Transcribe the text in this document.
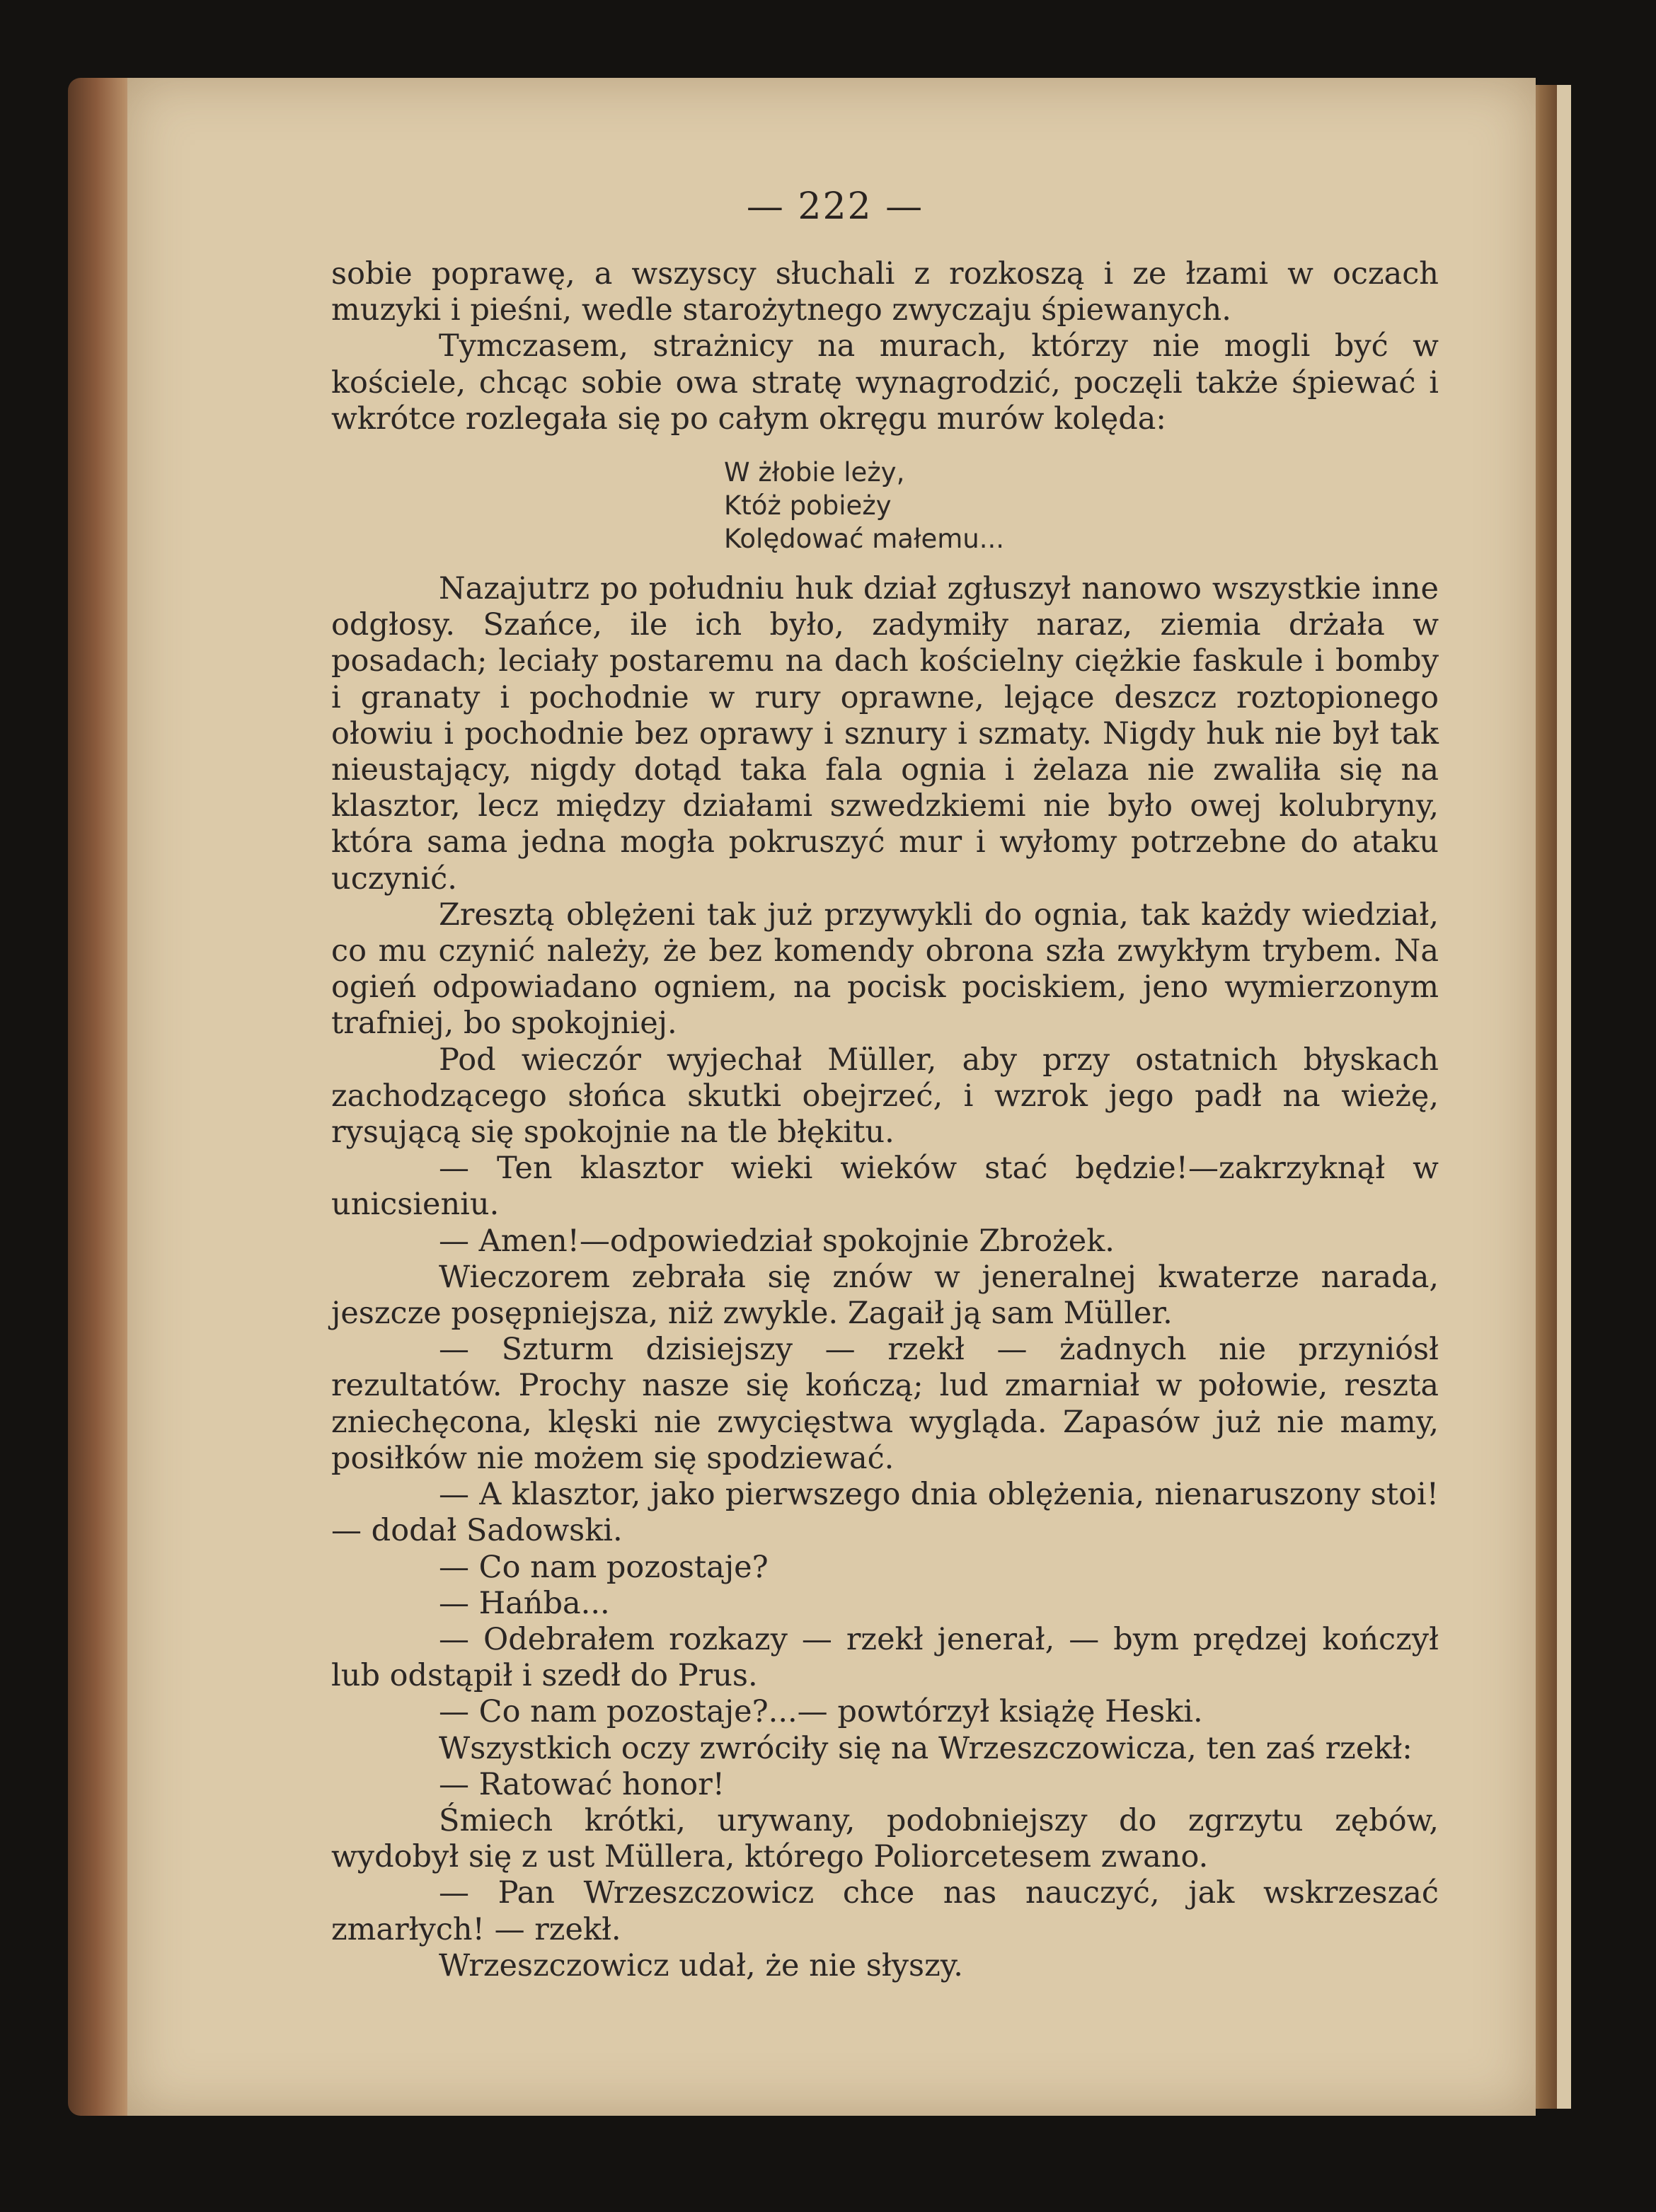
— 222 —

sobie poprawę, a wszyscy słuchali z rozkoszą i ze łzami w oczach muzyki i pieśni, wedle starożytnego zwyczaju śpiewanych.

Tymczasem, strażnicy na murach, którzy nie mogli być w kościele, chcąc sobie owa stratę wynagrodzić, poczęli także śpiewać i wkrótce rozlegała się po całym okręgu murów kolęda:

W żłobie leży,
Któż pobieży
Kolędować małemu...

Nazajutrz po południu huk dział zgłuszył nanowo wszystkie inne odgłosy. Szańce, ile ich było, zadymiły naraz, ziemia drżała w posadach; leciały postaremu na dach kościelny ciężkie faskule i bomby i granaty i pochodnie w rury oprawne, lejące deszcz roztopionego ołowiu i pochodnie bez oprawy i sznury i szmaty. Nigdy huk nie był tak nieustający, nigdy dotąd taka fala ognia i żelaza nie zwaliła się na klasztor, lecz między działami szwedzkiemi nie było owej kolubryny, która sama jedna mogła pokruszyć mur i wyłomy potrzebne do ataku uczynić.

Zresztą oblężeni tak już przywykli do ognia, tak każdy wiedział, co mu czynić należy, że bez komendy obrona szła zwykłym trybem. Na ogień odpowiadano ogniem, na pocisk pociskiem, jeno wymierzonym trafniej, bo spokojniej.

Pod wieczór wyjechał Müller, aby przy ostatnich błyskach zachodzącego słońca skutki obejrzeć, i wzrok jego padł na wieżę, rysującą się spokojnie na tle błękitu.

— Ten klasztor wieki wieków stać będzie!—zakrzyknął w unicsieniu.

— Amen!—odpowiedział spokojnie Zbrożek.

Wieczorem zebrała się znów w jeneralnej kwaterze narada, jeszcze posępniejsza, niż zwykle. Zagaił ją sam Müller.

— Szturm dzisiejszy — rzekł — żadnych nie przyniósł rezultatów. Prochy nasze się kończą; lud zmarniał w połowie, reszta zniechęcona, klęski nie zwycięstwa wygląda. Zapasów już nie mamy, posiłków nie możem się spodziewać.

— A klasztor, jako pierwszego dnia oblężenia, nienaruszony stoi! — dodał Sadowski.

— Co nam pozostaje?

— Hańba...

— Odebrałem rozkazy — rzekł jenerał, — bym prędzej kończył lub odstąpił i szedł do Prus.

— Co nam pozostaje?...— powtórzył książę Heski.

Wszystkich oczy zwróciły się na Wrzeszczowicza, ten zaś rzekł:

— Ratować honor!

Śmiech krótki, urywany, podobniejszy do zgrzytu zębów, wydobył się z ust Müllera, którego Poliorcetesem zwano.

— Pan Wrzeszczowicz chce nas nauczyć, jak wskrzeszać zmarłych! — rzekł.

Wrzeszczowicz udał, że nie słyszy.
